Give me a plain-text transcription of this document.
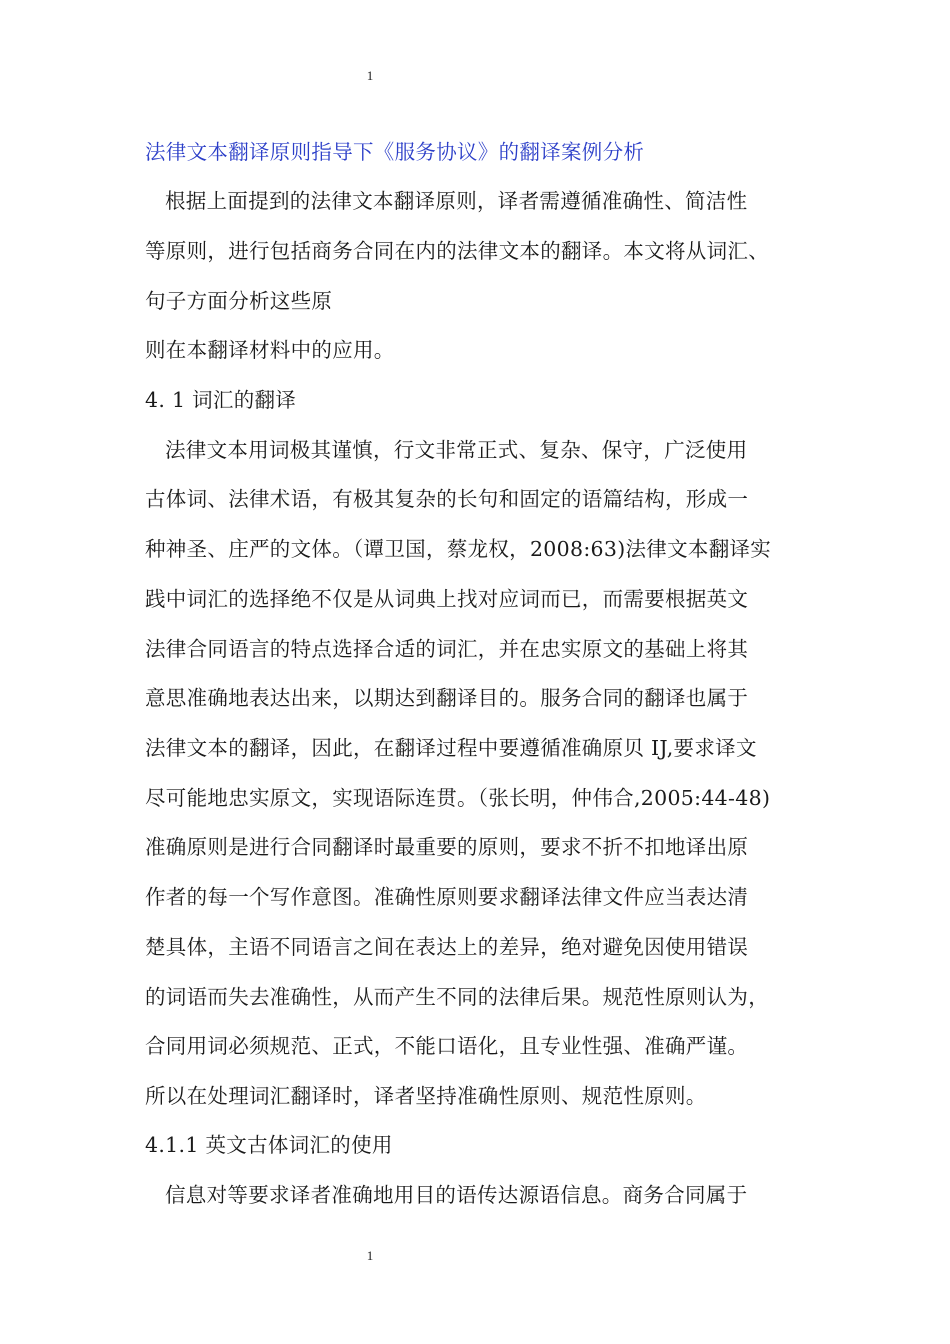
1
法律文本翻译原则指导下《服务协议》的翻译案例分析
根据上面提到的法律文本翻译原则，译者需遵循准确性、简洁性
等原则，进行包括商务合同在内的法律文本的翻译。本文将从词汇、
句子方面分析这些原
则在本翻译材料中的应用。
4. 1 词汇的翻译
法律文本用词极其谨慎，行文非常正式、复杂、保守，广泛使用
古体词、法律术语，有极其复杂的长句和固定的语篇结构，形成一
种神圣、庄严的文体。（谭卫国，蔡龙权，2008:63)法律文本翻译实
践中词汇的选择绝不仅是从词典上找对应词而已，而需要根据英文
法律合同语言的特点选择合适的词汇，并在忠实原文的基础上将其
意思准确地表达出来，以期达到翻译目的。服务合同的翻译也属于
法律文本的翻译，因此，在翻译过程中要遵循准确原贝 IJ,要求译文
尽可能地忠实原文，实现语际连贯。（张长明，仲伟合,2005:44-48)
准确原则是进行合同翻译时最重要的原则，要求不折不扣地译出原
作者的每一个写作意图。准确性原则要求翻译法律文件应当表达清
楚具体，主语不同语言之间在表达上的差异，绝对避免因使用错误
的词语而失去准确性，从而产生不同的法律后果。规范性原则认为，
合同用词必须规范、正式，不能口语化，且专业性强、准确严谨。
所以在处理词汇翻译时，译者坚持准确性原则、规范性原则。
4.1.1 英文古体词汇的使用
信息对等要求译者准确地用目的语传达源语信息。商务合同属于
1
